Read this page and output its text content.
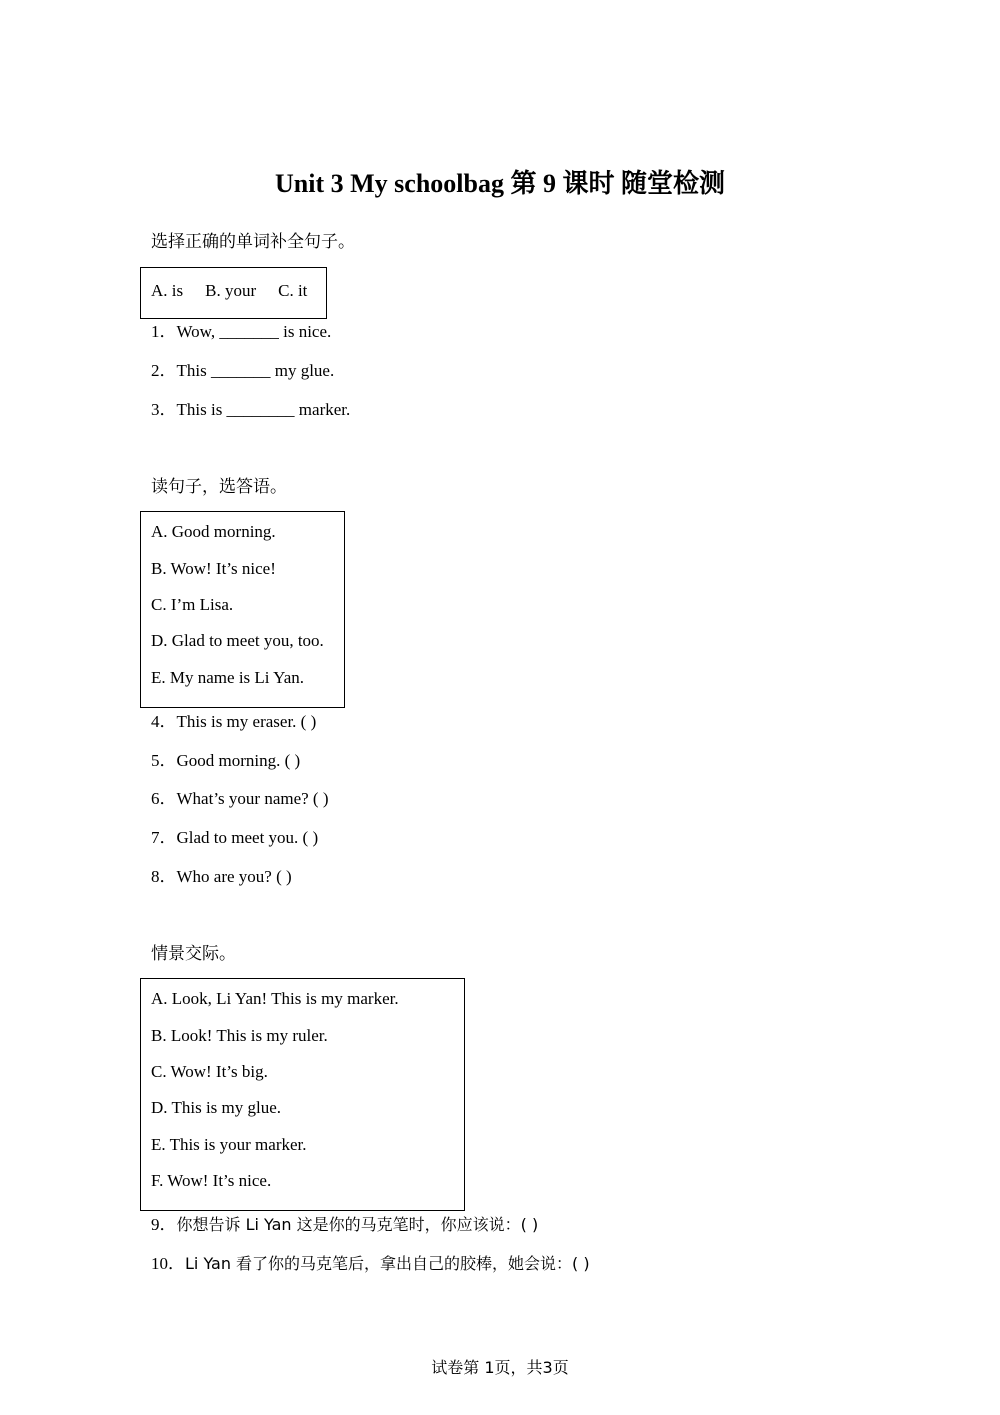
Unit 3 My schoolbag 第 9 课时 随堂检测
选择正确的单词补全句子。
A. is B. your C. it
1．Wow, _______ is nice.
2．This _______ my glue.
3．This is ________ marker.
读句子，选答语。
A. Good morning.
B. Wow! It’s nice!
C. I’m Lisa.
D. Glad to meet you, too.
E. My name is Li Yan.
4．This is my eraser. ( )
5．Good morning. ( )
6．What’s your name? ( )
7．Glad to meet you. ( )
8．Who are you? ( )
情景交际。
A. Look, Li Yan! This is my marker.
B. Look! This is my ruler.
C. Wow! It’s big.
D. This is my glue.
E. This is your marker.
F. Wow! It’s nice.
9．你想告诉 Li Yan 这是你的马克笔时，你应该说：( )
10．Li Yan 看了你的马克笔后，拿出自己的胶棒，她会说：( )
试卷第 1页，共3页
